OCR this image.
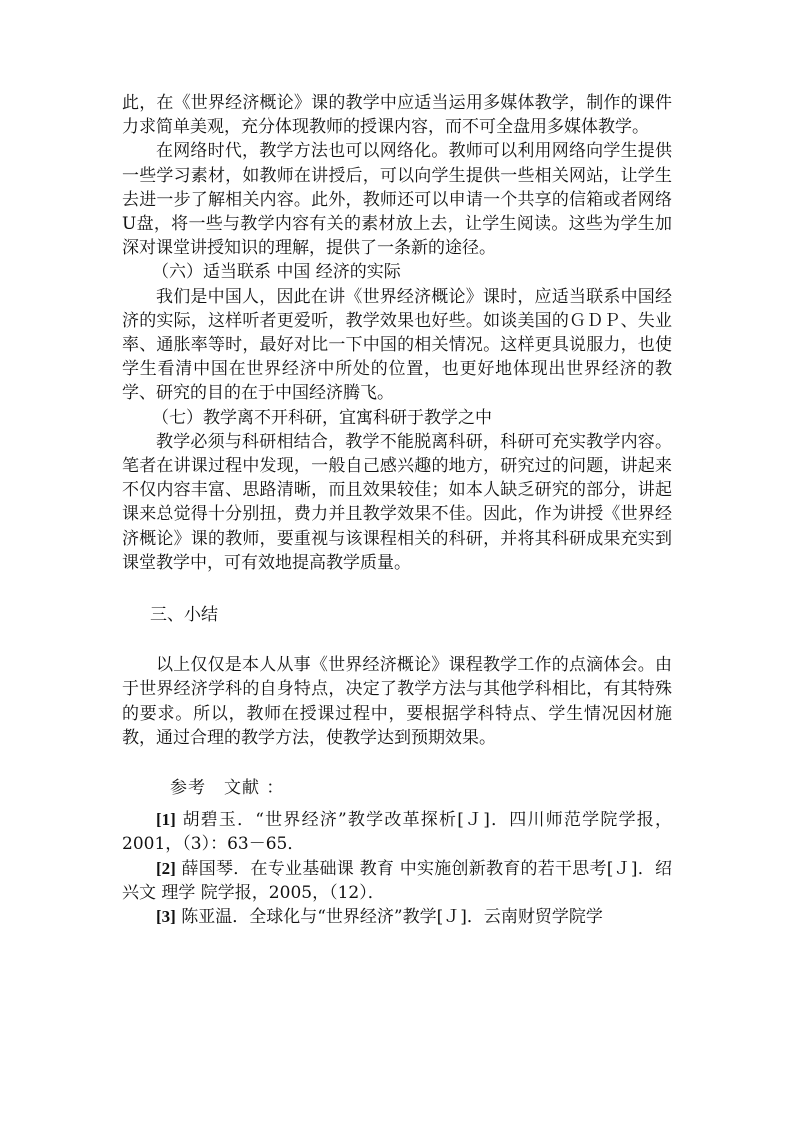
此，在《世界经济概论》课的教学中应适当运用多媒体教学，制作的课件力求简单美观，充分体现教师的授课内容，而不可全盘用多媒体教学。

在网络时代，教学方法也可以网络化。教师可以利用网络向学生提供一些学习素材，如教师在讲授后，可以向学生提供一些相关网站，让学生去进一步了解相关内容。此外，教师还可以申请一个共享的信箱或者网络U盘，将一些与教学内容有关的素材放上去，让学生阅读。这些为学生加深对课堂讲授知识的理解，提供了一条新的途径。

（六）适当联系 中国 经济的实际

我们是中国人，因此在讲《世界经济概论》课时，应适当联系中国经济的实际，这样听者更爱听，教学效果也好些。如谈美国的ＧＤＰ、失业率、通胀率等时，最好对比一下中国的相关情况。这样更具说服力，也使学生看清中国在世界经济中所处的位置，也更好地体现出世界经济的教学、研究的目的在于中国经济腾飞。

（七）教学离不开科研，宜寓科研于教学之中

教学必须与科研相结合，教学不能脱离科研，科研可充实教学内容。笔者在讲课过程中发现，一般自己感兴趣的地方，研究过的问题，讲起来不仅内容丰富、思路清晰，而且效果较佳；如本人缺乏研究的部分，讲起课来总觉得十分别扭，费力并且教学效果不佳。因此，作为讲授《世界经济概论》课的教师，要重视与该课程相关的科研，并将其科研成果充实到课堂教学中，可有效地提高教学质量。

三、小结

以上仅仅是本人从事《世界经济概论》课程教学工作的点滴体会。由于世界经济学科的自身特点，决定了教学方法与其他学科相比，有其特殊的要求。所以，教师在授课过程中，要根据学科特点、学生情况因材施教，通过合理的教学方法，使教学达到预期效果。

参考　文献 ：

[1] 胡碧玉．“世界经济”教学改革探析[Ｊ]．四川师范学院学报，2001，（3）：63－65．

[2] 薛国琴．在专业基础课 教育 中实施创新教育的若干思考[Ｊ]．绍兴文 理学 院学报，2005，（12）．

[3] 陈亚温．全球化与“世界经济”教学[Ｊ]．云南财贸学院学
